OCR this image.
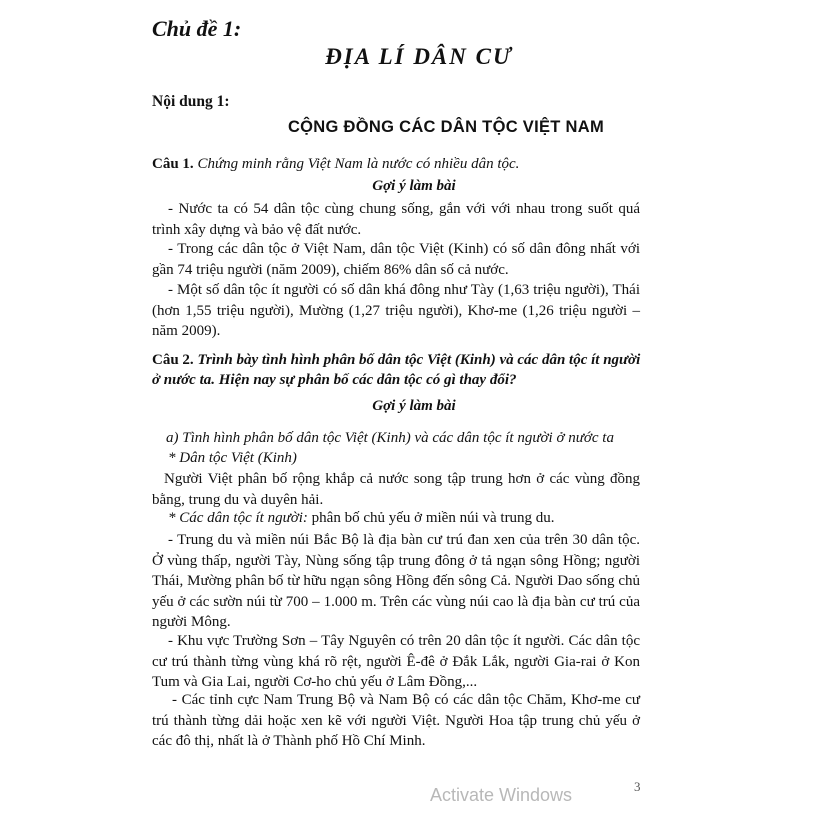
Chủ đề 1:
ĐỊA LÍ DÂN CƯ
Nội dung 1:
CỘNG ĐỒNG CÁC DÂN TỘC VIỆT NAM
Câu 1. Chứng minh rằng Việt Nam là nước có nhiều dân tộc.
Gợi ý làm bài
- Nước ta có 54 dân tộc cùng chung sống, gắn với với nhau trong suốt quá trình xây dựng và bảo vệ đất nước.
- Trong các dân tộc ở Việt Nam, dân tộc Việt (Kinh) có số dân đông nhất với gần 74 triệu người (năm 2009), chiếm 86% dân số cả nước.
- Một số dân tộc ít người có số dân khá đông như Tày (1,63 triệu người), Thái (hơn 1,55 triệu người), Mường (1,27 triệu người), Khơ-me (1,26 triệu người – năm 2009).
Câu 2. Trình bày tình hình phân bố dân tộc Việt (Kinh) và các dân tộc ít người
ở nước ta. Hiện nay sự phân bố các dân tộc có gì thay đổi?
Gợi ý làm bài
a) Tình hình phân bố dân tộc Việt (Kinh) và các dân tộc ít người ở nước ta
* Dân tộc Việt (Kinh)
Người Việt phân bố rộng khắp cả nước song tập trung hơn ở các vùng đồng bằng, trung du và duyên hải.
* Các dân tộc ít người: phân bố chủ yếu ở miền núi và trung du.
- Trung du và miền núi Bắc Bộ là địa bàn cư trú đan xen của trên 30 dân tộc. Ở vùng thấp, người Tày, Nùng sống tập trung đông ở tả ngạn sông Hồng; người Thái, Mường phân bố từ hữu ngạn sông Hồng đến sông Cả. Người Dao sống chủ yếu ở các sườn núi từ 700 – 1.000 m. Trên các vùng núi cao là địa bàn cư trú của người Mông.
- Khu vực Trường Sơn – Tây Nguyên có trên 20 dân tộc ít người. Các dân tộc cư trú thành từng vùng khá rõ rệt, người Ê-đê ở Đắk Lắk, người Gia-rai ở Kon Tum và Gia Lai, người Cơ-ho chủ yếu ở Lâm Đồng,...
- Các tỉnh cực Nam Trung Bộ và Nam Bộ có các dân tộc Chăm, Khơ-me cư trú thành từng dải hoặc xen kẽ với người Việt. Người Hoa tập trung chủ yếu ở các đô thị, nhất là ở Thành phố Hồ Chí Minh.
Activate Windows	3
